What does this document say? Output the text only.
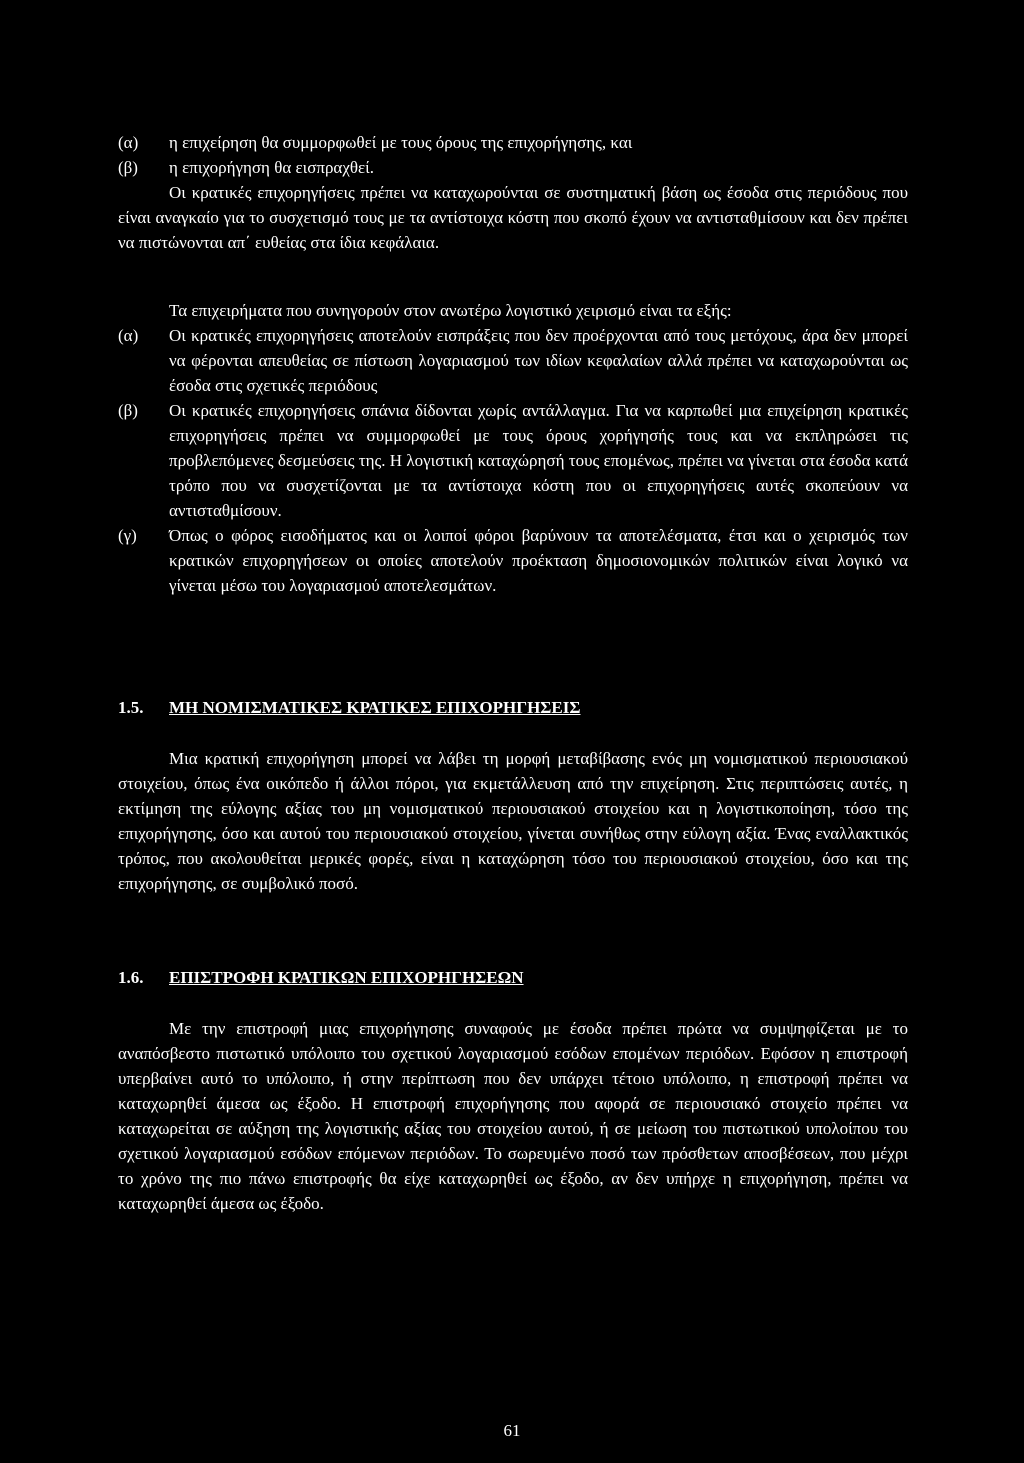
(α) η επιχείρηση θα συμμορφωθεί με τους όρους της επιχορήγησης, και

(β) η επιχορήγηση θα εισπραχθεί.

Οι κρατικές επιχορηγήσεις πρέπει να καταχωρούνται σε συστηματική βάση ως έσοδα στις περιόδους που είναι αναγκαίο για το συσχετισμό τους με τα αντίστοιχα κόστη που σκοπό έχουν να αντισταθμίσουν και δεν πρέπει να πιστώνονται απ΄ ευθείας στα ίδια κεφάλαια.

Τα επιχειρήματα που συνηγορούν στον ανωτέρω λογιστικό χειρισμό είναι τα εξής:

(α) Οι κρατικές επιχορηγήσεις αποτελούν εισπράξεις που δεν προέρχονται από τους μετόχους, άρα δεν μπορεί να φέρονται απευθείας σε πίστωση λογαριασμού των ιδίων κεφαλαίων αλλά πρέπει να καταχωρούνται ως έσοδα στις σχετικές περιόδους

(β) Οι κρατικές επιχορηγήσεις σπάνια δίδονται χωρίς αντάλλαγμα. Για να καρπωθεί μια επιχείρηση κρατικές επιχορηγήσεις πρέπει να συμμορφωθεί με τους όρους χορήγησής τους και να εκπληρώσει τις προβλεπόμενες δεσμεύσεις της. Η λογιστική καταχώρησή τους επομένως, πρέπει να γίνεται στα έσοδα κατά τρόπο που να συσχετίζονται με τα αντίστοιχα κόστη που οι επιχορηγήσεις αυτές σκοπεύουν να αντισταθμίσουν.

(γ) Όπως ο φόρος εισοδήματος και οι λοιποί φόροι βαρύνουν τα αποτελέσματα, έτσι και ο χειρισμός των κρατικών επιχορηγήσεων οι οποίες αποτελούν προέκταση δημοσιονομικών πολιτικών είναι λογικό να γίνεται μέσω του λογαριασμού αποτελεσμάτων.

1.5. ΜΗ ΝΟΜΙΣΜΑΤΙΚΕΣ ΚΡΑΤΙΚΕΣ ΕΠΙΧΟΡΗΓΗΣΕΙΣ

Μια κρατική επιχορήγηση μπορεί να λάβει τη μορφή μεταβίβασης ενός μη νομισματικού περιουσιακού στοιχείου, όπως ένα οικόπεδο ή άλλοι πόροι, για εκμετάλλευση από την επιχείρηση. Στις περιπτώσεις αυτές, η εκτίμηση της εύλογης αξίας του μη νομισματικού περιουσιακού στοιχείου και η λογιστικοποίηση, τόσο της επιχορήγησης, όσο και αυτού του περιουσιακού στοιχείου, γίνεται συνήθως στην εύλογη αξία. Ένας εναλλακτικός τρόπος, που ακολουθείται μερικές φορές, είναι η καταχώρηση τόσο του περιουσιακού στοιχείου, όσο και της επιχορήγησης, σε συμβολικό ποσό.

1.6. ΕΠΙΣΤΡΟΦΗ ΚΡΑΤΙΚΩΝ ΕΠΙΧΟΡΗΓΗΣΕΩΝ

Με την επιστροφή μιας επιχορήγησης συναφούς με έσοδα πρέπει πρώτα να συμψηφίζεται με το αναπόσβεστο πιστωτικό υπόλοιπο του σχετικού λογαριασμού εσόδων επομένων περιόδων. Εφόσον η επιστροφή υπερβαίνει αυτό το υπόλοιπο, ή στην περίπτωση που δεν υπάρχει τέτοιο υπόλοιπο, η επιστροφή πρέπει να καταχωρηθεί άμεσα ως έξοδο. Η επιστροφή επιχορήγησης που αφορά σε περιουσιακό στοιχείο πρέπει να καταχωρείται σε αύξηση της λογιστικής αξίας του στοιχείου αυτού, ή σε μείωση του πιστωτικού υπολοίπου του σχετικού λογαριασμού εσόδων επόμενων περιόδων. Το σωρευμένο ποσό των πρόσθετων αποσβέσεων, που μέχρι το χρόνο της πιο πάνω επιστροφής θα είχε καταχωρηθεί ως έξοδο, αν δεν υπήρχε η επιχορήγηση, πρέπει να καταχωρηθεί άμεσα ως έξοδο.

61
